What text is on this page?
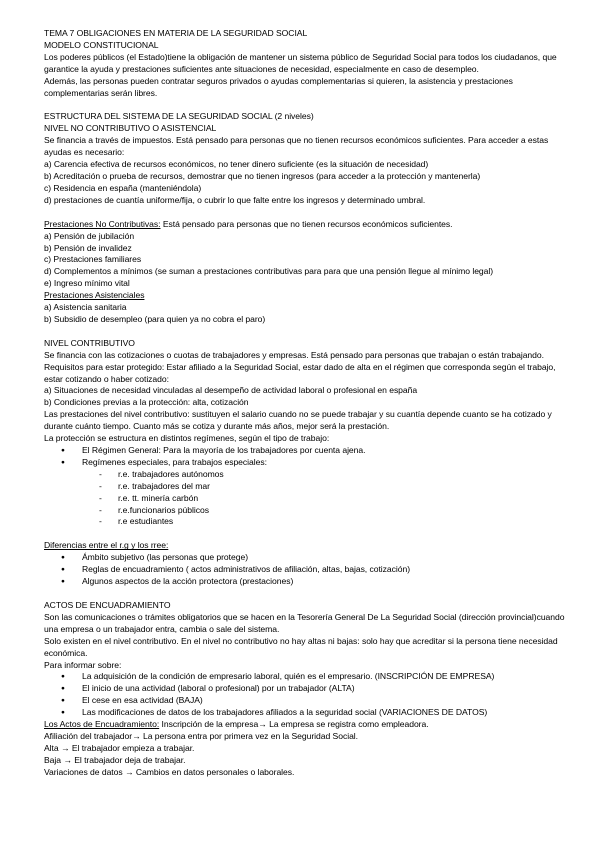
TEMA 7 OBLIGACIONES EN MATERIA DE LA SEGURIDAD SOCIAL

MODELO CONSTITUCIONAL

Los poderes públicos (el Estado)tiene la obligación de mantener un sistema público de Seguridad Social para todos los ciudadanos, que garantice la ayuda y prestaciones suficientes ante situaciones de necesidad, especialmente en caso de desempleo.

Además, las personas pueden contratar seguros privados o ayudas complementarias si quieren, la asistencia y prestaciones complementarias serán libres.

ESTRUCTURA DEL SISTEMA DE LA SEGURIDAD SOCIAL (2 niveles)

NIVEL NO CONTRIBUTIVO O ASISTENCIAL

Se financia a través de impuestos. Está pensado para personas que no tienen recursos económicos suficientes. Para acceder a estas ayudas es necesario:

a) Carencia efectiva de recursos económicos, no tener dinero suficiente (es la situación de necesidad)

b) Acreditación o prueba de recursos, demostrar que no tienen ingresos (para acceder a la protección y mantenerla)

c) Residencia en españa (manteniéndola)

d) prestaciones de cuantía uniforme/fija, o cubrir lo que falte entre los ingresos y determinado umbral.

Prestaciones No Contributivas: Está pensado para personas que no tienen recursos económicos suficientes.

a) Pensión de jubilación

b) Pensión de invalidez

c) Prestaciones familiares

d) Complementos a mínimos (se suman a prestaciones contributivas para para que una pensión llegue al mínimo legal)

e) Ingreso mínimo vital

Prestaciones Asistenciales

a) Asistencia sanitaria

b) Subsidio de desempleo (para quien ya no cobra el paro)

NIVEL CONTRIBUTIVO

Se financia con las cotizaciones o cuotas de trabajadores y empresas. Está pensado para personas que trabajan o están trabajando.

Requisitos para estar protegido: Estar afiliado a la Seguridad Social, estar dado de alta en el régimen que corresponda según el trabajo, estar cotizando o haber cotizado:

a) Situaciones de necesidad vinculadas al desempeño de actividad laboral o profesional en españa

b) Condiciones previas a la protección: alta, cotización

Las prestaciones del nivel contributivo: sustituyen el salario cuando no se puede trabajar y su cuantía depende cuanto se ha cotizado y durante cuánto tiempo. Cuanto más se cotiza y durante más años, mejor será la prestación.

La protección se estructura en distintos regímenes, según el tipo de trabajo:

● El Régimen General: Para la mayoría de los trabajadores por cuenta ajena.
● Regímenes especiales, para trabajos especiales:
- r.e. trabajadores autónomos
- r.e. trabajadores del mar
- r.e. tt. minería carbón
- r.e.funcionarios públicos
- r.e estudiantes

Diferencias entre el r.g y los rree:

● Ámbito subjetivo (las personas que protege)
● Reglas de encuadramiento ( actos administrativos de afiliación, altas, bajas, cotización)
● Algunos aspectos de la acción protectora (prestaciones)

ACTOS DE ENCUADRAMIENTO

Son las comunicaciones o trámites obligatorios que se hacen en la Tesorería General De La Seguridad Social (dirección provincial)cuando una empresa o un trabajador entra, cambia o sale del sistema.

Solo existen en el nivel contributivo. En el nivel no contributivo no hay altas ni bajas: solo hay que acreditar si la persona tiene necesidad económica.

Para informar sobre:

● La adquisición de la condición de empresario laboral, quién es el empresario. (INSCRIPCIÓN DE EMPRESA)
● El inicio de una actividad (laboral o profesional) por un trabajador (ALTA)
● El cese en esa actividad (BAJA)
● Las modificaciones de datos de los trabajadores afiliados a la seguridad social (VARIACIONES DE DATOS)

Los Actos de Encuadramiento: Inscripción de la empresa→ La empresa se registra como empleadora.

Afiliación del trabajador→ La persona entra por primera vez en la Seguridad Social.

Alta → El trabajador empieza a trabajar.

Baja → El trabajador deja de trabajar.

Variaciones de datos → Cambios en datos personales o laborales.
